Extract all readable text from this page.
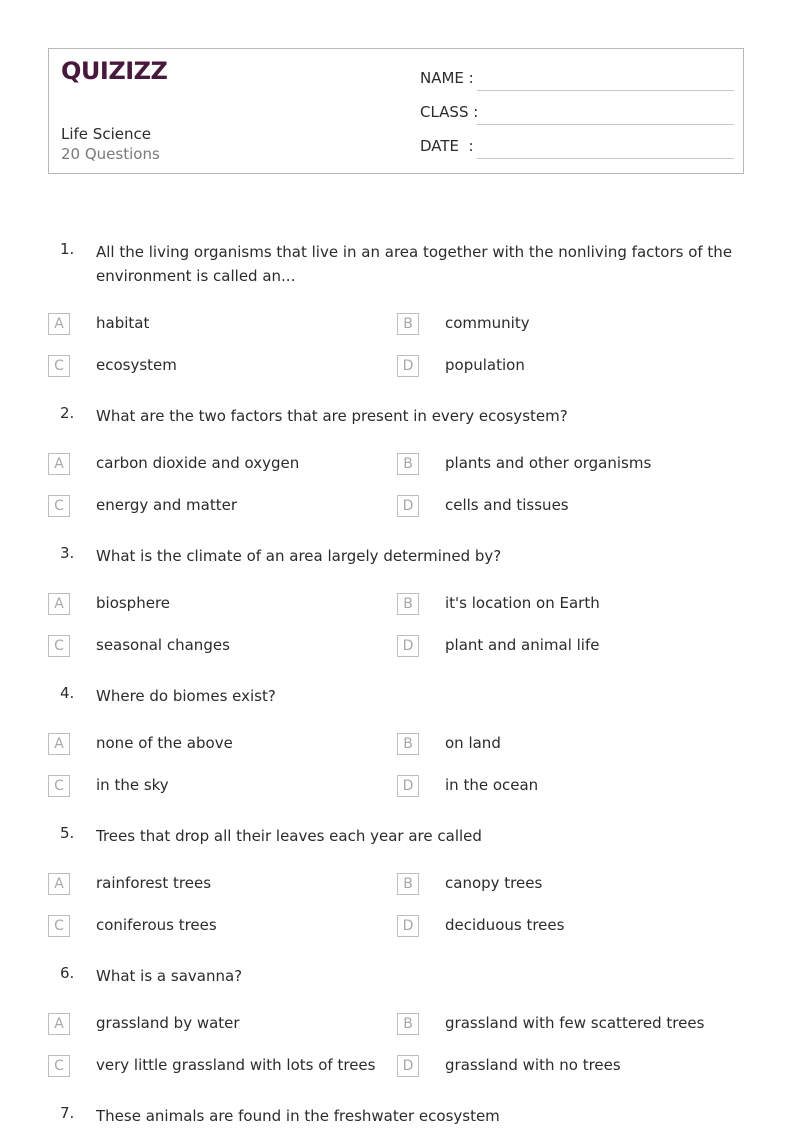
QUIZIZZ
Life Science
20 Questions
NAME :
CLASS :
DATE  :
1. All the living organisms that live in an area together with the nonliving factors of the environment is called an...
A	habitat	B	community
C	ecosystem	D	population
2. What are the two factors that are present in every ecosystem?
A	carbon dioxide and oxygen	B	plants and other organisms
C	energy and matter	D	cells and tissues
3. What is the climate of an area largely determined by?
A	biosphere	B	it's location on Earth
C	seasonal changes	D	plant and animal life
4. Where do biomes exist?
A	none of the above	B	on land
C	in the sky	D	in the ocean
5. Trees that drop all their leaves each year are called
A	rainforest trees	B	canopy trees
C	coniferous trees	D	deciduous trees
6. What is a savanna?
A	grassland by water	B	grassland with few scattered trees
C	very little grassland with lots of trees	D	grassland with no trees
7. These animals are found in the freshwater ecosystem
